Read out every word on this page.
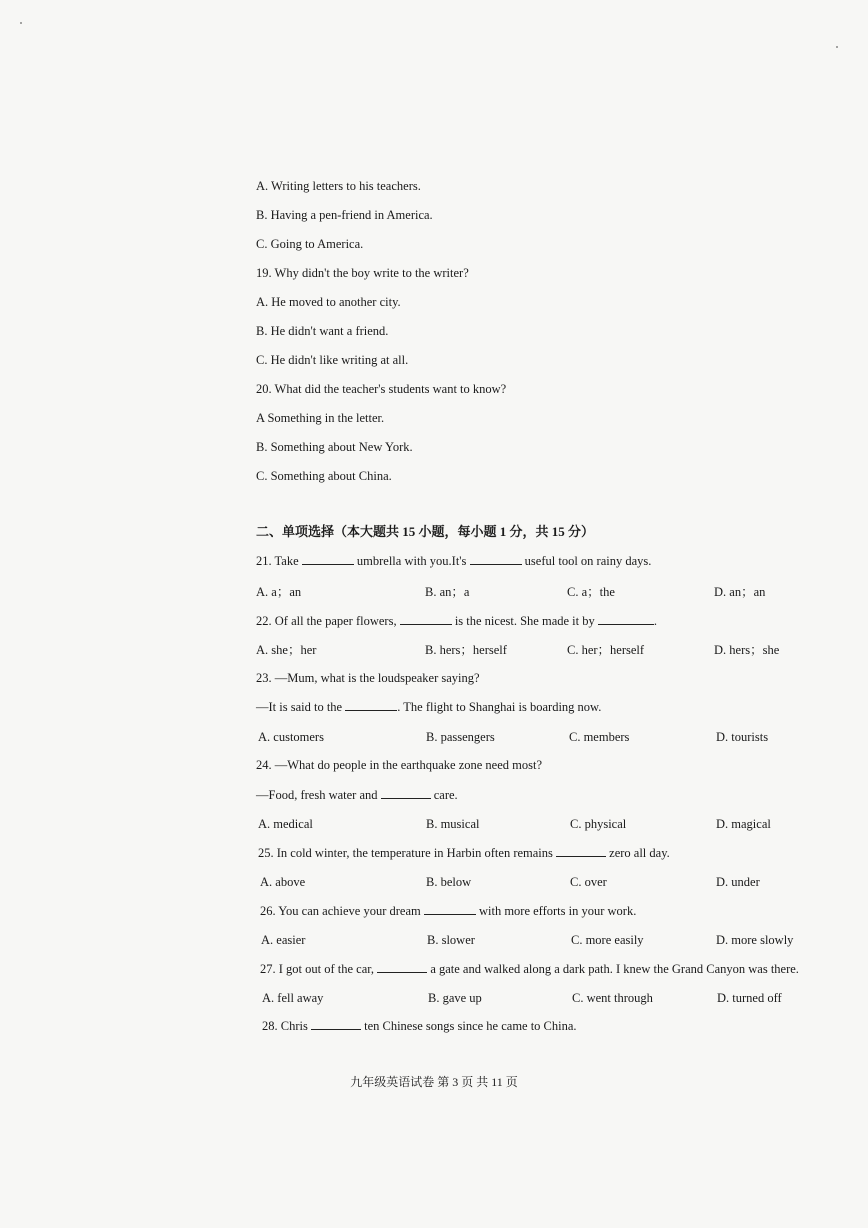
A. Writing letters to his teachers.
B. Having a pen-friend in America.
C. Going to America.
19. Why didn't the boy write to the writer?
A. He moved to another city.
B. He didn't want a friend.
C. He didn't like writing at all.
20. What did the teacher's students want to know?
A Something in the letter.
B. Something about New York.
C. Something about China.
二、单项选择（本大题共 15 小题，每小题 1 分，共 15 分）
21. Take	umbrella with you.It's	useful tool on rainy days.
A. a；an	B. an；a	C. a；the	D. an；an
22. Of all the paper flowers,	is the nicest. She made it by	.
A. she；her	B. hers；herself	C. her；herself	D. hers；she
23. —Mum, what is the loudspeaker saying?
—It is said to the	. The flight to Shanghai is boarding now.
A. customers	B. passengers	C. members	D. tourists
24. —What do people in the earthquake zone need most?
—Food, fresh water and	care.
A. medical	B. musical	C. physical	D. magical
25. In cold winter, the temperature in Harbin often remains	zero all day.
A. above	B. below	C. over	D. under
26. You can achieve your dream	with more efforts in your work.
A. easier	B. slower	C. more easily	D. more slowly
27. I got out of the car,	a gate and walked along a dark path. I knew the Grand Canyon was there.
A. fell away	B. gave up	C. went through	D. turned off
28. Chris	ten Chinese songs since he came to China.
九年级英语试卷 第 3 页 共 11 页
